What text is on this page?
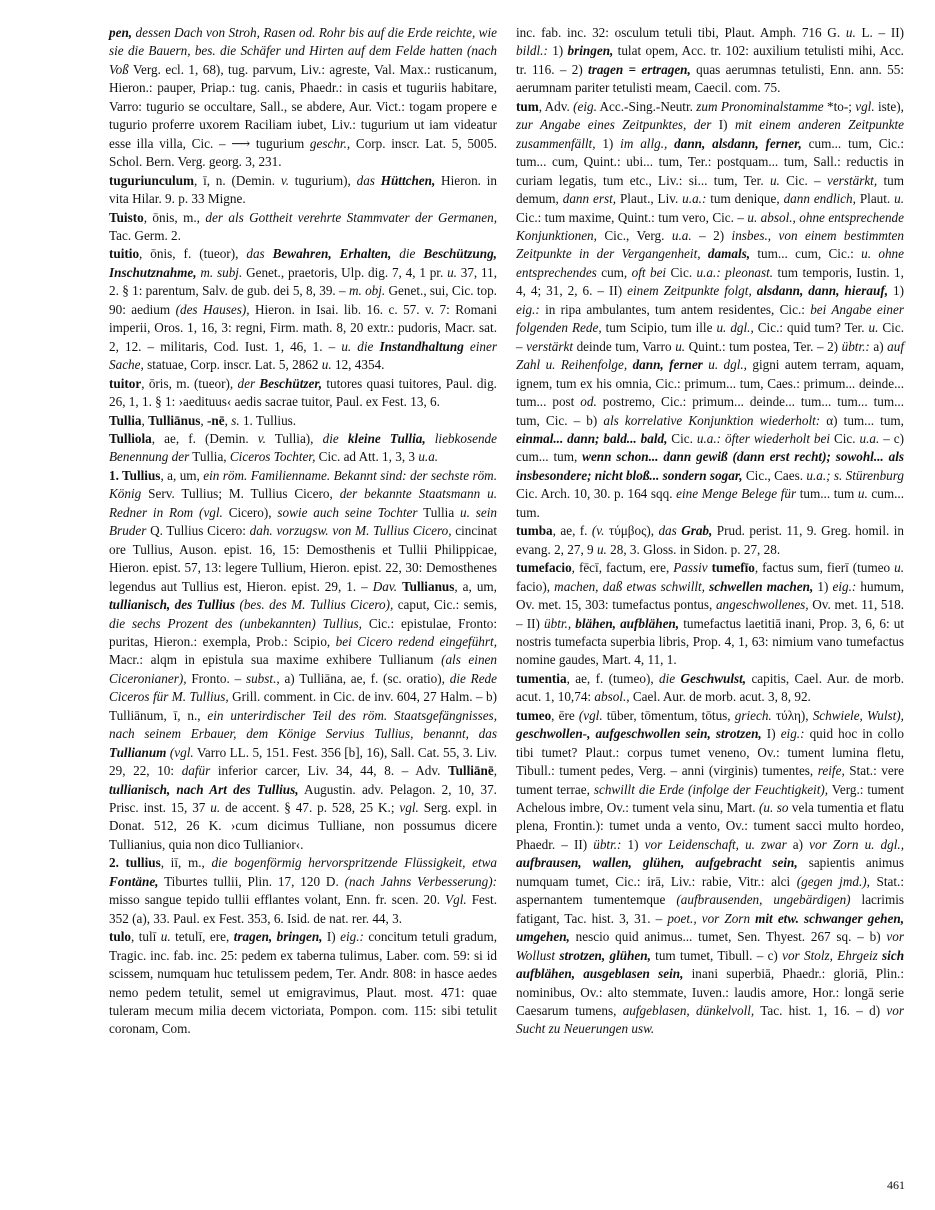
pen, dessen Dach von Stroh, Rasen od. Rohr bis auf die Erde reichte, wie sie die Bauern, bes. die Schäfer und Hirten auf dem Felde hatten (nach Voß Verg. ecl. 1, 68), tug. parvum, Liv.: agreste, Val. Max.: rusticanum, Hieron.: pauper, Priap.: tug. canis, Phaedr.: in casis et tuguriis habitare, Varro: tugurio se occultare, Sall., se abdere, Aur. Vict.: togam propere e tugurio proferre uxorem Raciliam iubet, Liv.: tugurium ut iam videatur esse illa villa, Cic. – ⟶ tugurium geschr., Corp. inscr. Lat. 5, 5005. Schol. Bern. Verg. georg. 3, 231.

tuguriunculum, ī, n. (Demin. v. tugurium), das Hüttchen, Hieron. in vita Hilar. 9. p. 33 Migne.

Tuisto, ōnis, m., der als Gottheit verehrte Stammvater der Germanen, Tac. Germ. 2.

tuitio, ōnis, f. (tueor), das Bewahren, Erhalten, die Beschützung, Inschutznahme, m. subj. Genet., praetoris, Ulp. dig. 7, 4, 1 pr. u. 37, 11, 2. § 1: parentum, Salv. de gub. dei 5, 8, 39. – m. obj. Genet., sui, Cic. top. 90: aedium (des Hauses), Hieron. in Isai. lib. 16. c. 57. v. 7: Romani imperii, Oros. 1, 16, 3: regni, Firm. math. 8, 20 extr.: pudoris, Macr. sat. 2, 12. – militaris, Cod. Iust. 1, 46, 1. – u. die Instandhaltung einer Sache, statuae, Corp. inscr. Lat. 5, 2862 u. 12, 4354.

tuitor, ōris, m. (tueor), der Beschützer, tutores quasi tuitores, Paul. dig. 26, 1, 1. § 1: ›aedituus‹ aedis sacrae tuitor, Paul. ex Fest. 13, 6.

Tullia, Tulliānus, -nē, s. 1. Tullius.

Tulliola, ae, f. (Demin. v. Tullia), die kleine Tullia, liebkosende Benennung der Tullia, Ciceros Tochter, Cic. ad Att. 1, 3, 3 u.a.

1. Tullius, a, um, ein röm. Familienname. Bekannt sind: der sechste röm. König Serv. Tullius; M. Tullius Cicero, der bekannte Staatsmann u. Redner in Rom (vgl. Cicero), sowie auch seine Tochter Tullia u. sein Bruder Q. Tullius Cicero: dah. vorzugsw. von M. Tullius Cicero, cincinat ore Tullius, Auson. epist. 16, 15: Demosthenis et Tullii Philippicae, Hieron. epist. 57, 13: legere Tullium, Hieron. epist. 22, 30: Demosthenes legendus aut Tullius est, Hieron. epist. 29, 1. – Dav. Tullianus, a, um, tullianisch, des Tullius (bes. des M. Tullius Cicero), caput, Cic.: semis, die sechs Prozent des (unbekannten) Tullius, Cic.: epistulae, Fronto: puritas, Hieron.: exempla, Prob.: Scipio, bei Cicero redend eingeführt, Macr.: alqm in epistula sua maxime exhibere Tullianum (als einen Ciceronianer), Fronto. – subst., a) Tulliāna, ae, f. (sc. oratio), die Rede Ciceros für M. Tullius, Grill. comment. in Cic. de inv. 604, 27 Halm. – b) Tulliānum, ī, n., ein unterirdischer Teil des röm. Staatsgefängnisses, nach seinem Erbauer, dem Könige Servius Tullius, benannt, das Tullianum (vgl. Varro LL. 5, 151. Fest. 356 [b], 16), Sall. Cat. 55, 3. Liv. 29, 22, 10: dafür inferior carcer, Liv. 34, 44, 8. – Adv. Tulliānē, tullianisch, nach Art des Tullius, Augustin. adv. Pelagon. 2, 10, 37. Prisc. inst. 15, 37 u. de accent. § 47. p. 528, 25 K.; vgl. Serg. expl. in Donat. 512, 26 K. ›cum dicimus Tulliane, non possumus dicere Tullianius, quia non dico Tullianior‹.

2. tullius, iī, m., die bogenförmig hervorspritzende Flüssigkeit, etwa Fontäne, Tiburtes tullii, Plin. 17, 120 D. (nach Jahns Verbesserung): misso sangue tepido tullii efflantes volant, Enn. fr. scen. 20. Vgl. Fest. 352 (a), 33. Paul. ex Fest. 353, 6. Isid. de nat. rer. 44, 3.

tulo, tulī u. tetulī, ere, tragen, bringen, I) eig.: concitum tetuli gradum, Tragic. inc. fab. inc. 25: pedem ex taberna tulimus, Laber. com. 59: si id scissem, numquam huc tetulissem pedem, Ter. Andr. 808: in hasce aedes nemo pedem tetulit, semel ut emigravimus, Plaut. most. 471: quae tuleram mecum milia decem victoriata, Pompon. com. 115: sibi tetulit coronam, Com.

inc. fab. inc. 32: osculum tetuli tibi, Plaut. Amph. 716 G. u. L. – II) bildl.: 1) bringen, tulat opem, Acc. tr. 102: auxilium tetulisti mihi, Acc. tr. 116. – 2) tragen = ertragen, quas aerumnas tetulisti, Enn. ann. 55: aerumnam pariter tetulisti meam, Caecil. com. 75.

tum, Adv. (eig. Acc.-Sing.-Neutr. zum Pronominalstamme *to-; vgl. iste), zur Angabe eines Zeitpunktes, der I) mit einem anderen Zeitpunkte zusammenfällt, 1) im allg., dann, alsdann, ferner, cum... tum, Cic.: tum... cum, Quint.: ubi... tum, Ter.: postquam... tum, Sall.: reductis in curiam legatis, tum etc., Liv.: si... tum, Ter. u. Cic. – verstärkt, tum demum, dann erst, Plaut., Liv. u.a.: tum denique, dann endlich, Plaut. u. Cic.: tum maxime, Quint.: tum vero, Cic. – u. absol., ohne entsprechende Konjunktionen, Cic., Verg. u.a. – 2) insbes., von einem bestimmten Zeitpunkte in der Vergangenheit, damals, tum... cum, Cic.: u. ohne entsprechendes cum, oft bei Cic. u.a.: pleonast. tum temporis, Iustin. 1, 4, 4; 31, 2, 6. – II) einem Zeitpunkte folgt, alsdann, dann, hierauf, 1) eig.: in ripa ambulantes, tum antem residentes, Cic.: bei Angabe einer folgenden Rede, tum Scipio, tum ille u. dgl., Cic.: quid tum? Ter. u. Cic. – verstärkt deinde tum, Varro u. Quint.: tum postea, Ter. – 2) übtr.: a) auf Zahl u. Reihenfolge, dann, ferner u. dgl., gigni autem terram, aquam, ignem, tum ex his omnia, Cic.: primum... tum, Caes.: primum... deinde... tum... post od. postremo, Cic.: primum... deinde... tum... tum... tum... tum, Cic. – b) als korrelative Konjunktion wiederholt: α) tum... tum, einmal... dann; bald... bald, Cic. u.a.: öfter wiederholt bei Cic. u.a. – c) cum... tum, wenn schon... dann gewiß (dann erst recht); sowohl... als insbesondere; nicht bloß... sondern sogar, Cic., Caes. u.a.; s. Stürenburg Cic. Arch. 10, 30. p. 164 sqq. eine Menge Belege für tum... tum u. cum... tum.

tumba, ae, f. (v. τύμβος), das Grab, Prud. perist. 11, 9. Greg. homil. in evang. 2, 27, 9 u. 28, 3. Gloss. in Sidon. p. 27, 28.

tumefacio, fēcī, factum, ere, Passiv tumefīo, factus sum, fierī (tumeo u. facio), machen, daß etwas schwillt, schwellen machen, 1) eig.: humum, Ov. met. 15, 303: tumefactus pontus, angeschwollenes, Ov. met. 11, 518. – II) übtr., blähen, aufblähen, tumefactus laetitiā inani, Prop. 3, 6, 6: ut nostris tumefacta superbia libris, Prop. 4, 1, 63: nimium vano tumefactus nomine gaudes, Mart. 4, 11, 1.

tumentia, ae, f. (tumeo), die Geschwulst, capitis, Cael. Aur. de morb. acut. 1, 10,74: absol., Cael. Aur. de morb. acut. 3, 8, 92.

tumeo, ēre (vgl. tūber, tōmentum, tōtus, griech. τύλη), Schwiele, Wulst), geschwollen-, aufgeschwollen sein, strotzen, I) eig.: quid hoc in collo tibi tumet? Plaut.: corpus tumet veneno, Ov.: tument lumina fletu, Tibull.: tument pedes, Verg. – anni (virginis) tumentes, reife, Stat.: vere tument terrae, schwillt die Erde (infolge der Feuchtigkeit), Verg.: tument Achelous imbre, Ov.: tument vela sinu, Mart. (u. so vela tumentia et flatu plena, Frontin.): tumet unda a vento, Ov.: tument sacci multo hordeo, Phaedr. – II) übtr.: 1) vor Leidenschaft, u. zwar a) vor Zorn u. dgl., aufbrausen, wallen, glühen, aufgebracht sein, sapientis animus numquam tumet, Cic.: irā, Liv.: rabie, Vitr.: alci (gegen jmd.), Stat.: aspernantem tumentemque (aufbrausenden, ungebärdigen) lacrimis fatigant, Tac. hist. 3, 31. – poet., vor Zorn mit etw. schwanger gehen, umgehen, nescio quid animus... tumet, Sen. Thyest. 267 sq. – b) vor Wollust strotzen, glühen, tum tumet, Tibull. – c) vor Stolz, Ehrgeiz sich aufblähen, ausgeblasen sein, inani superbiā, Phaedr.: gloriā, Plin.: nominibus, Ov.: alto stemmate, Iuven.: laudis amore, Hor.: longā serie Caesarum tumens, aufgeblasen, dünkelvoll, Tac. hist. 1, 16. – d) vor Sucht zu Neuerungen usw.

461
